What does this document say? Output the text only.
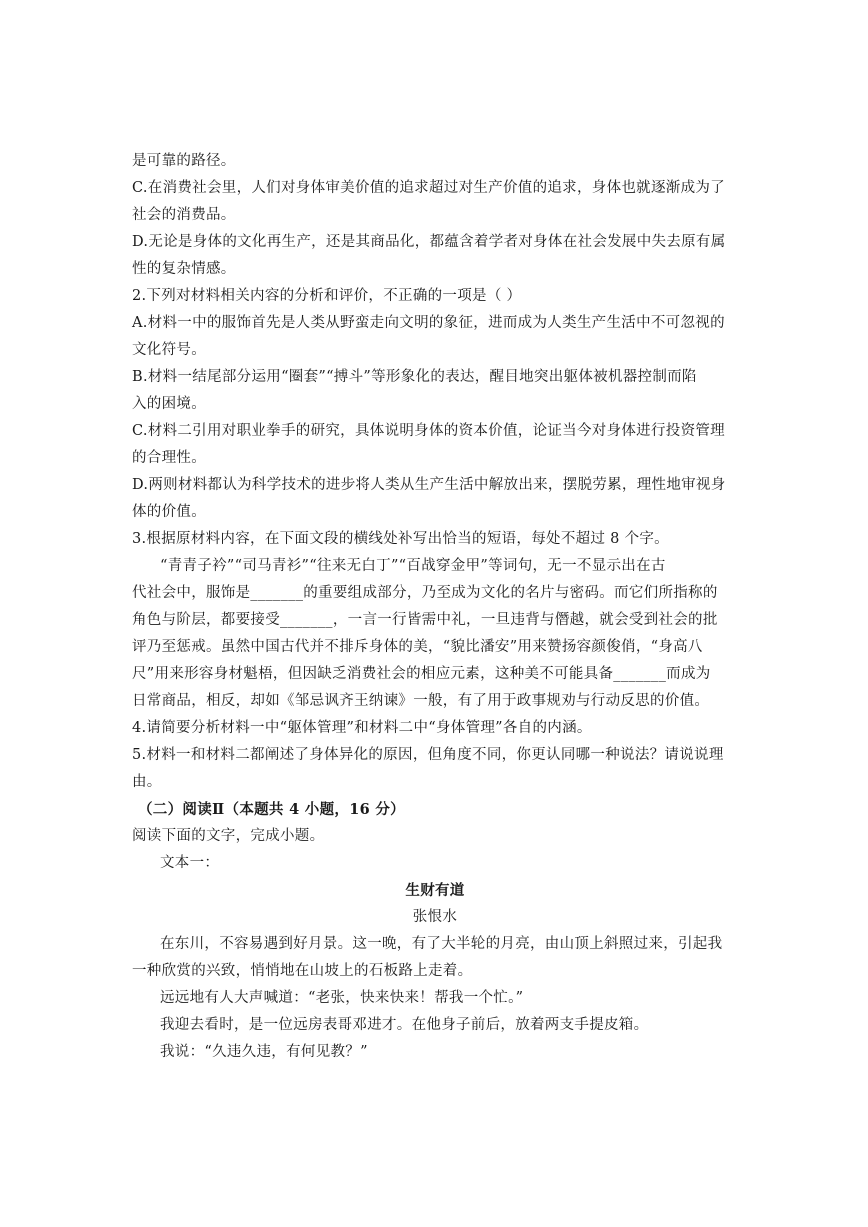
是可靠的路径。
C.在消费社会里，人们对身体审美价值的追求超过对生产价值的追求，身体也就逐渐成为了
社会的消费品。
D.无论是身体的文化再生产，还是其商品化，都蕴含着学者对身体在社会发展中失去原有属
性的复杂情感。
2.下列对材料相关内容的分析和评价，不正确的一项是（ ）
A.材料一中的服饰首先是人类从野蛮走向文明的象征，进而成为人类生产生活中不可忽视的
文化符号。
B.材料一结尾部分运用“圈套”“搏斗”等形象化的表达，醒目地突出躯体被机器控制而陷
入的困境。
C.材料二引用对职业拳手的研究，具体说明身体的资本价值，论证当今对身体进行投资管理
的合理性。
D.两则材料都认为科学技术的进步将人类从生产生活中解放出来，摆脱劳累，理性地审视身
体的价值。
3.根据原材料内容，在下面文段的横线处补写出恰当的短语，每处不超过 8 个字。
“青青子衿”“司马青衫”“往来无白丁”“百战穿金甲”等词句，无一不显示出在古
代社会中，服饰是_______的重要组成部分，乃至成为文化的名片与密码。而它们所指称的
角色与阶层，都要接受_______，一言一行皆需中礼，一旦违背与僭越，就会受到社会的批
评乃至惩戒。虽然中国古代并不排斥身体的美，“貌比潘安”用来赞扬容颜俊俏，“身高八
尺”用来形容身材魁梧，但因缺乏消费社会的相应元素，这种美不可能具备_______而成为
日常商品，相反，却如《邹忌讽齐王纳谏》一般，有了用于政事规劝与行动反思的价值。
4.请简要分析材料一中“躯体管理”和材料二中“身体管理”各自的内涵。
5.材料一和材料二都阐述了身体异化的原因，但角度不同，你更认同哪一种说法？请说说理
由。
（二）阅读Ⅱ（本题共 4 小题，16 分）
阅读下面的文字，完成小题。
文本一：
生财有道
张恨水
在东川，不容易遇到好月景。这一晚，有了大半轮的月亮，由山顶上斜照过来，引起我
一种欣赏的兴致，悄悄地在山坡上的石板路上走着。
远远地有人大声喊道：“老张，快来快来！帮我一个忙。”
我迎去看时，是一位远房表哥邓进才。在他身子前后，放着两支手提皮箱。
我说：“久违久违，有何见教？”
